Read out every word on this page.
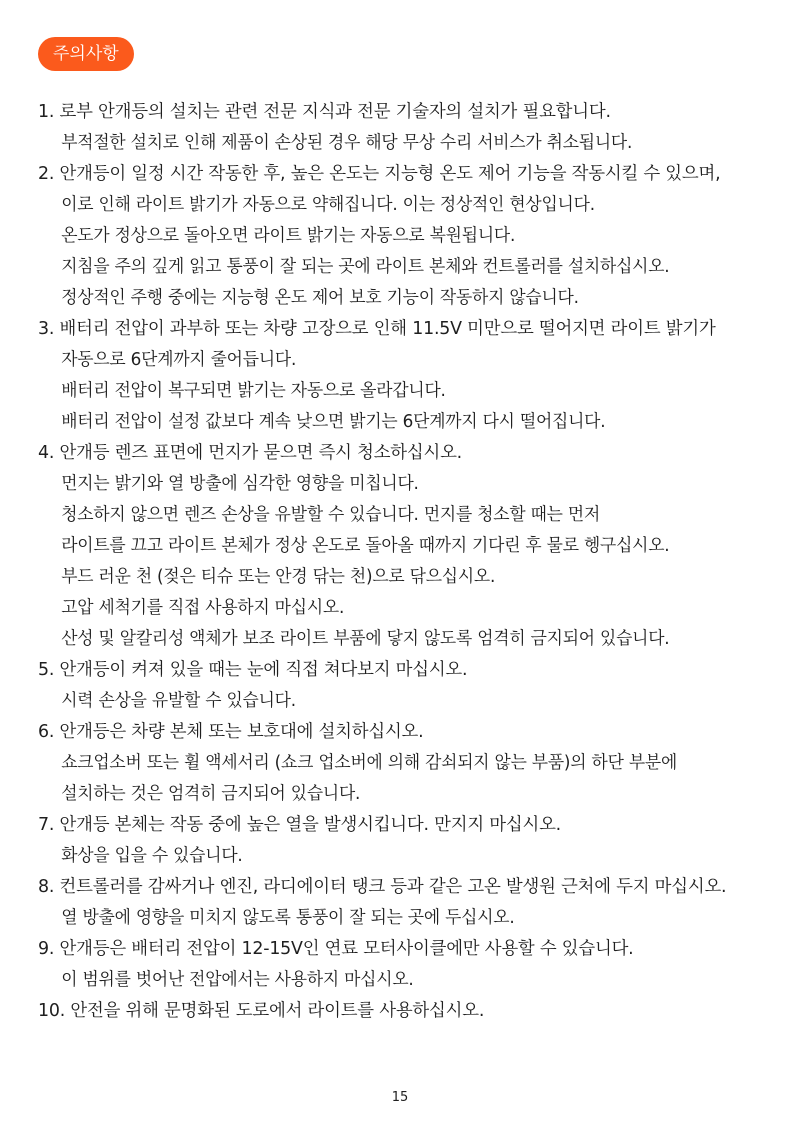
주의사항
1. 로부 안개등의 설치는 관련 전문 지식과 전문 기술자의 설치가 필요합니다.
부적절한 설치로 인해 제품이 손상된 경우 해당 무상 수리 서비스가 취소됩니다.
2. 안개등이 일정 시간 작동한 후, 높은 온도는 지능형 온도 제어 기능을 작동시킬 수 있으며,
이로 인해 라이트 밝기가 자동으로 약해집니다. 이는 정상적인 현상입니다.
온도가 정상으로 돌아오면 라이트 밝기는 자동으로 복원됩니다.
지침을 주의 깊게 읽고 통풍이 잘 되는 곳에 라이트 본체와 컨트롤러를 설치하십시오.
정상적인 주행 중에는 지능형 온도 제어 보호 기능이 작동하지 않습니다.
3. 배터리 전압이 과부하 또는 차량 고장으로 인해 11.5V 미만으로 떨어지면 라이트 밝기가
자동으로 6단계까지 줄어듭니다.
배터리 전압이 복구되면 밝기는 자동으로 올라갑니다.
배터리 전압이 설정 값보다 계속 낮으면 밝기는 6단계까지 다시 떨어집니다.
4. 안개등 렌즈 표면에 먼지가 묻으면 즉시 청소하십시오.
먼지는 밝기와 열 방출에 심각한 영향을 미칩니다.
청소하지 않으면 렌즈 손상을 유발할 수 있습니다. 먼지를 청소할 때는 먼저
라이트를 끄고 라이트 본체가 정상 온도로 돌아올 때까지 기다린 후 물로 헹구십시오.
부드 러운 천 (젖은 티슈 또는 안경 닦는 천)으로 닦으십시오.
고압 세척기를 직접 사용하지 마십시오.
산성 및 알칼리성 액체가 보조 라이트 부품에 닿지 않도록 엄격히 금지되어 있습니다.
5. 안개등이 켜져 있을 때는 눈에 직접 쳐다보지 마십시오.
시력 손상을 유발할 수 있습니다.
6. 안개등은 차량 본체 또는 보호대에 설치하십시오.
쇼크업소버 또는 휠 액세서리 (쇼크 업소버에 의해 감쇠되지 않는 부품)의 하단 부분에
설치하는 것은 엄격히 금지되어 있습니다.
7. 안개등 본체는 작동 중에 높은 열을 발생시킵니다. 만지지 마십시오.
화상을 입을 수 있습니다.
8. 컨트롤러를 감싸거나 엔진, 라디에이터 탱크 등과 같은 고온 발생원 근처에 두지 마십시오.
열 방출에 영향을 미치지 않도록 통풍이 잘 되는 곳에 두십시오.
9. 안개등은 배터리 전압이 12-15V인 연료 모터사이클에만 사용할 수 있습니다.
이 범위를 벗어난 전압에서는 사용하지 마십시오.
10. 안전을 위해 문명화된 도로에서 라이트를 사용하십시오.
15
